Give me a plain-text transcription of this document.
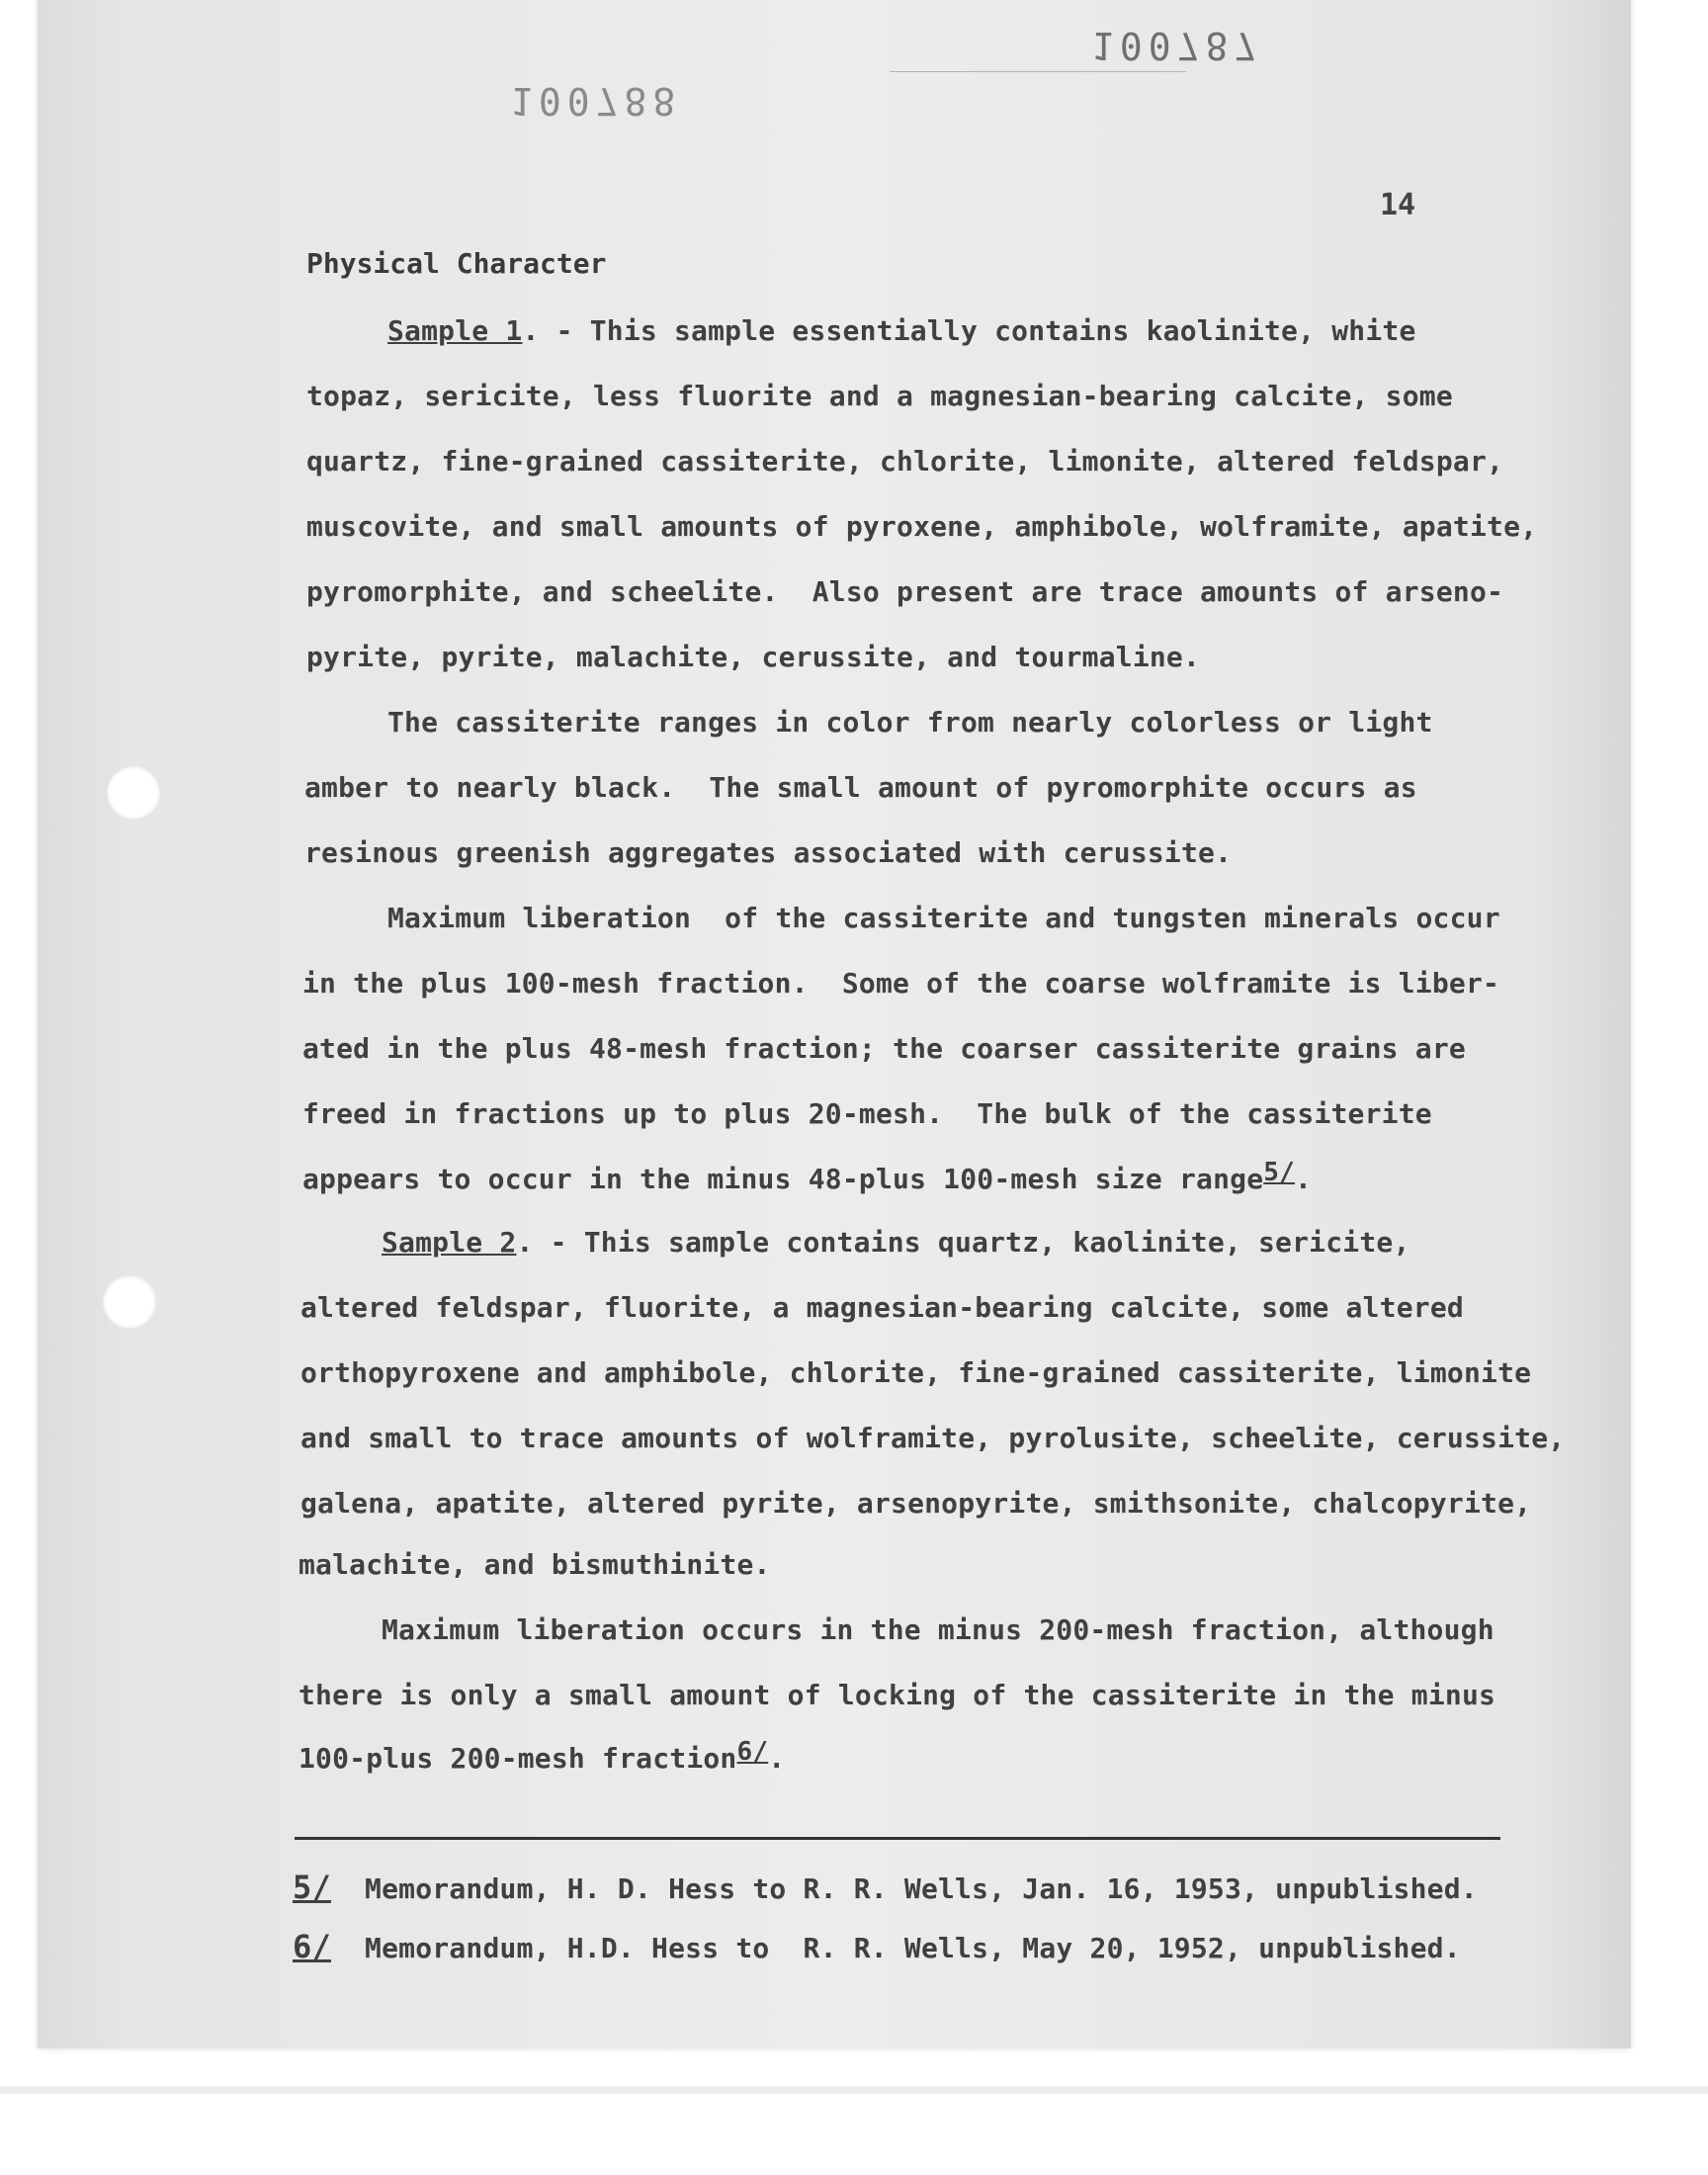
100787
100788
14
Physical Character
Sample 1. - This sample essentially contains kaolinite, white
topaz, sericite, less fluorite and a magnesian-bearing calcite, some
quartz, fine-grained cassiterite, chlorite, limonite, altered feldspar,
muscovite, and small amounts of pyroxene, amphibole, wolframite, apatite,
pyromorphite, and scheelite.  Also present are trace amounts of arseno-
pyrite, pyrite, malachite, cerussite, and tourmaline.
The cassiterite ranges in color from nearly colorless or light
amber to nearly black.  The small amount of pyromorphite occurs as
resinous greenish aggregates associated with cerussite.
Maximum liberation  of the cassiterite and tungsten minerals occur
in the plus 100-mesh fraction.  Some of the coarse wolframite is liber-
ated in the plus 48-mesh fraction; the coarser cassiterite grains are
freed in fractions up to plus 20-mesh.  The bulk of the cassiterite
appears to occur in the minus 48-plus 100-mesh size range5/.
Sample 2. - This sample contains quartz, kaolinite, sericite,
altered feldspar, fluorite, a magnesian-bearing calcite, some altered
orthopyroxene and amphibole, chlorite, fine-grained cassiterite, limonite
and small to trace amounts of wolframite, pyrolusite, scheelite, cerussite,
galena, apatite, altered pyrite, arsenopyrite, smithsonite, chalcopyrite,
malachite, and bismuthinite.
Maximum liberation occurs in the minus 200-mesh fraction, although
there is only a small amount of locking of the cassiterite in the minus
100-plus 200-mesh fraction6/.
5/  Memorandum, H. D. Hess to R. R. Wells, Jan. 16, 1953, unpublished.
6/  Memorandum, H.D. Hess to  R. R. Wells, May 20, 1952, unpublished.
